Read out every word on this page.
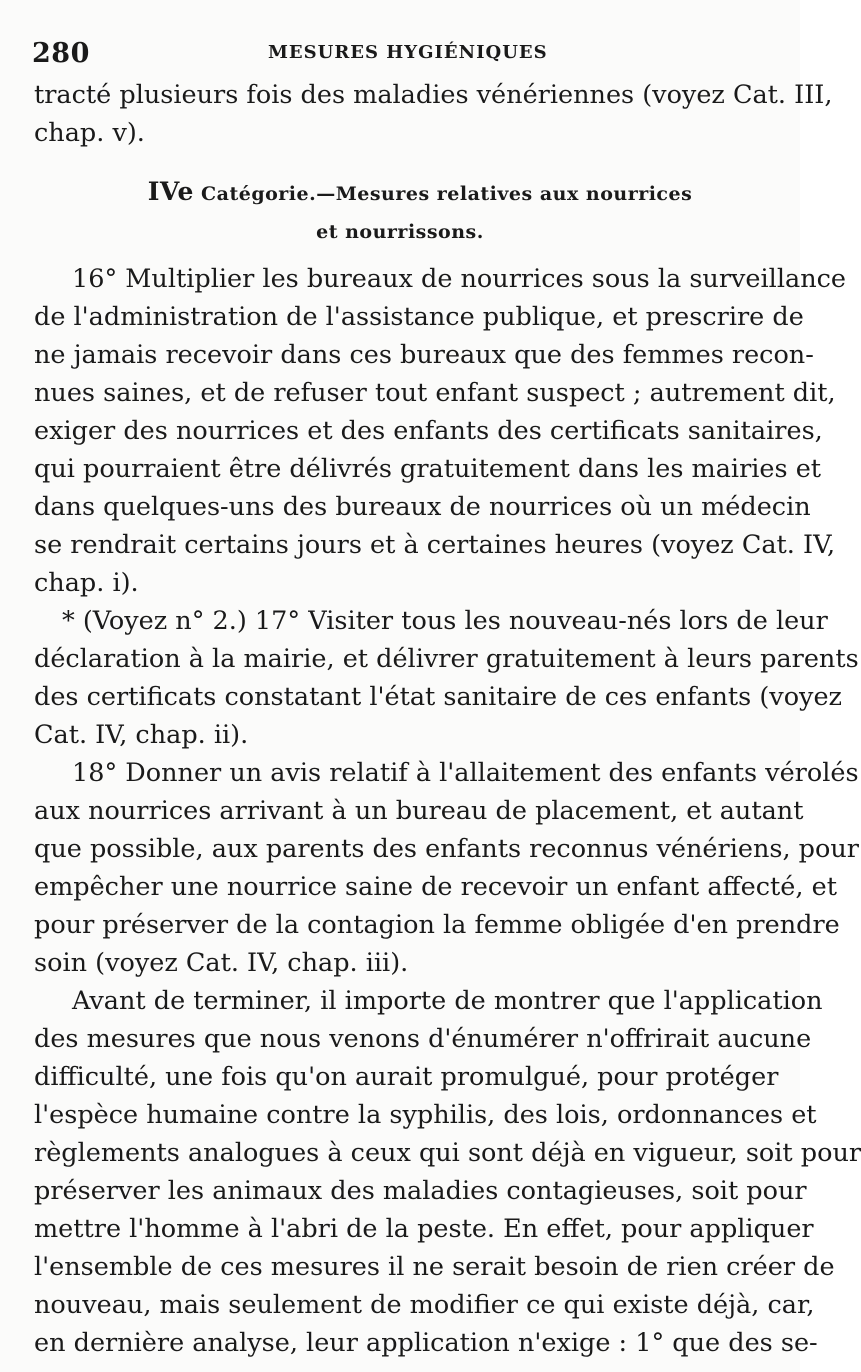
280	MESURES HYGIÉNIQUES
tracté plusieurs fois des maladies vénériennes (voyez Cat. III,
chap. v).
IVe Catégorie.—Mesures relatives aux nourrices
et nourrissons.
16° Multiplier les bureaux de nourrices sous la surveillance
de l'administration de l'assistance publique, et prescrire de
ne jamais recevoir dans ces bureaux que des femmes recon-
nues saines, et de refuser tout enfant suspect ; autrement dit,
exiger des nourrices et des enfants des certificats sanitaires,
qui pourraient être délivrés gratuitement dans les mairies et
dans quelques-uns des bureaux de nourrices où un médecin
se rendrait certains jours et à certaines heures (voyez Cat. IV,
chap. i).
* (Voyez n° 2.) 17° Visiter tous les nouveau-nés lors de leur
déclaration à la mairie, et délivrer gratuitement à leurs parents
des certificats constatant l'état sanitaire de ces enfants (voyez
Cat. IV, chap. ii).
18° Donner un avis relatif à l'allaitement des enfants vérolés
aux nourrices arrivant à un bureau de placement, et autant
que possible, aux parents des enfants reconnus vénériens, pour
empêcher une nourrice saine de recevoir un enfant affecté, et
pour préserver de la contagion la femme obligée d'en prendre
soin (voyez Cat. IV, chap. iii).
Avant de terminer, il importe de montrer que l'application
des mesures que nous venons d'énumérer n'offrirait aucune
difficulté, une fois qu'on aurait promulgué, pour protéger
l'espèce humaine contre la syphilis, des lois, ordonnances et
règlements analogues à ceux qui sont déjà en vigueur, soit pour
préserver les animaux des maladies contagieuses, soit pour
mettre l'homme à l'abri de la peste. En effet, pour appliquer
l'ensemble de ces mesures il ne serait besoin de rien créer de
nouveau, mais seulement de modifier ce qui existe déjà, car,
en dernière analyse, leur application n'exige : 1° que des se-
